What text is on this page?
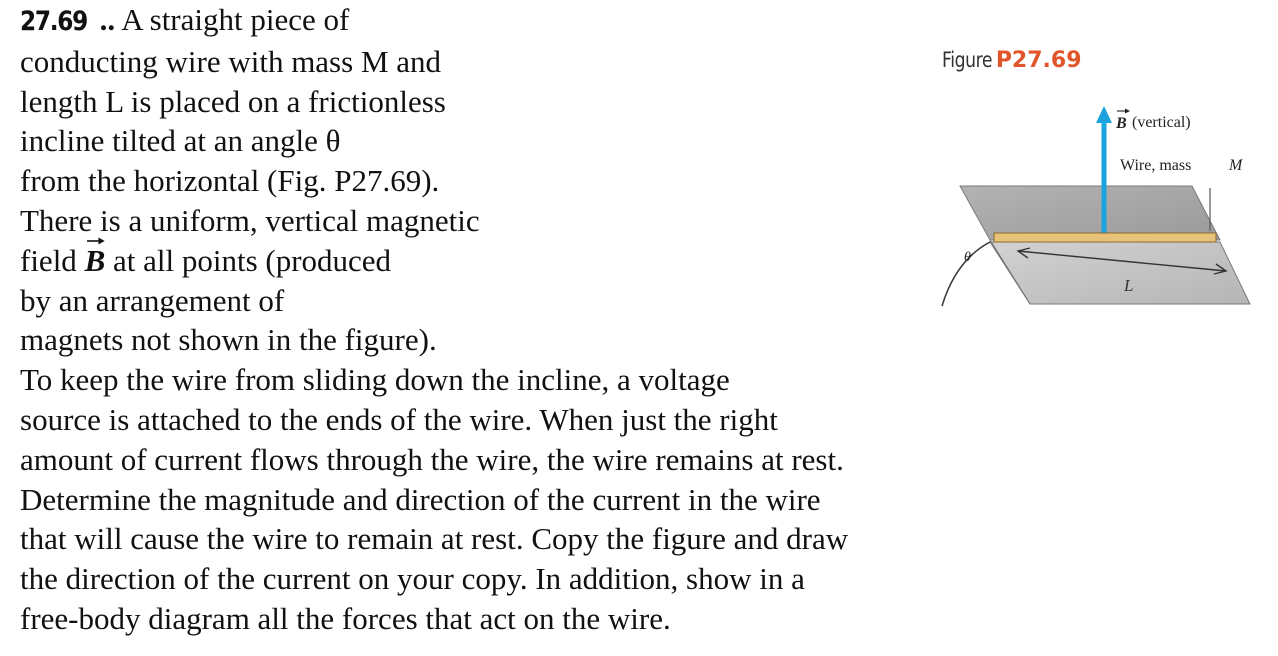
27.69 .. A straight piece of
conducting wire with mass M and
length L is placed on a frictionless
incline tilted at an angle θ
from the horizontal (Fig. P27.69).
There is a uniform, vertical magnetic
field B at all points (produced
by an arrangement of
magnets not shown in the figure).
To keep the wire from sliding down the incline, a voltage
source is attached to the ends of the wire. When just the right
amount of current flows through the wire, the wire remains at rest.
Determine the magnitude and direction of the current in the wire
that will cause the wire to remain at rest. Copy the figure and draw
the direction of the current on your copy. In addition, show in a
free-body diagram all the forces that act on the wire.
Figure P27.69
θ
L
B (vertical)
Wire, mass M
